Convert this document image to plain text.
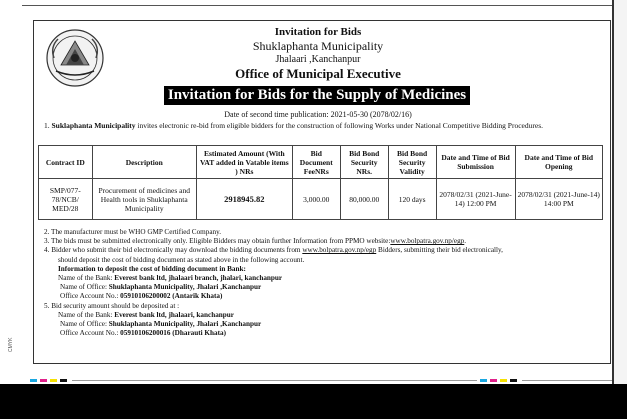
Invitation for Bids
Shuklaphanta Municipality
Jhalaari ,Kanchanpur
Office of Municipal Executive
Invitation for Bids for the Supply of Medicines
Date of second time publication: 2021-05-30 (2078/02/16)
1. Suklaphanta Municipality invites electronic re-bid from eligible bidders for the construction of following Works under National Competitive Bidding Procedures.
Contract ID	Description	Estimated Amount (With VAT added in Vatable items ) NRs	Bid Document FeeNRs	Bid Bond Security NRs.	Bid Bond Security Validity	Date and Time of Bid Submission	Date and Time of Bid Opening
SMP/077-78/NCB/ MED/28	Procurement of medicines and Health tools in Shuklaphanta Municipality	2918945.82	3,000.00	80,000.00	120 days	2078/02/31 (2021-June- 14) 12:00 PM	2078/02/31 (2021-June-14) 14:00 PM
2. The manufacturer must be WHO GMP Certified Company.
3. The bids must be submitted electronically only. Eligible Bidders may obtain further Information from PPMO website:www.bolpatra.gov.np/egp.
4. Bidder who submit their bid electronically may download the bidding documents from www.bolpatra.gov.np/egp Bidders, submitting their bid electronically,
should deposit the cost of bidding document as stated above in the following account.
Information to deposit the cost of bidding document in Bank:
Name of the Bank: Everest bank ltd, jhalaari branch, jhalari, kanchanpur
Name of Office: Shuklaphanta Municipality, Jhalari ,Kanchanpur
Office Account No.: 05910106200002 (Antarik Khata)
5. Bid security amount should be deposited at :
Name of the Bank: Everest bank ltd, jhalaari, kanchanpur
Name of Office: Shuklaphanta Municipality, Jhalari ,Kanchanpur
Office Account No.: 05910106200016 (Dharauti Khata)
CMYK
